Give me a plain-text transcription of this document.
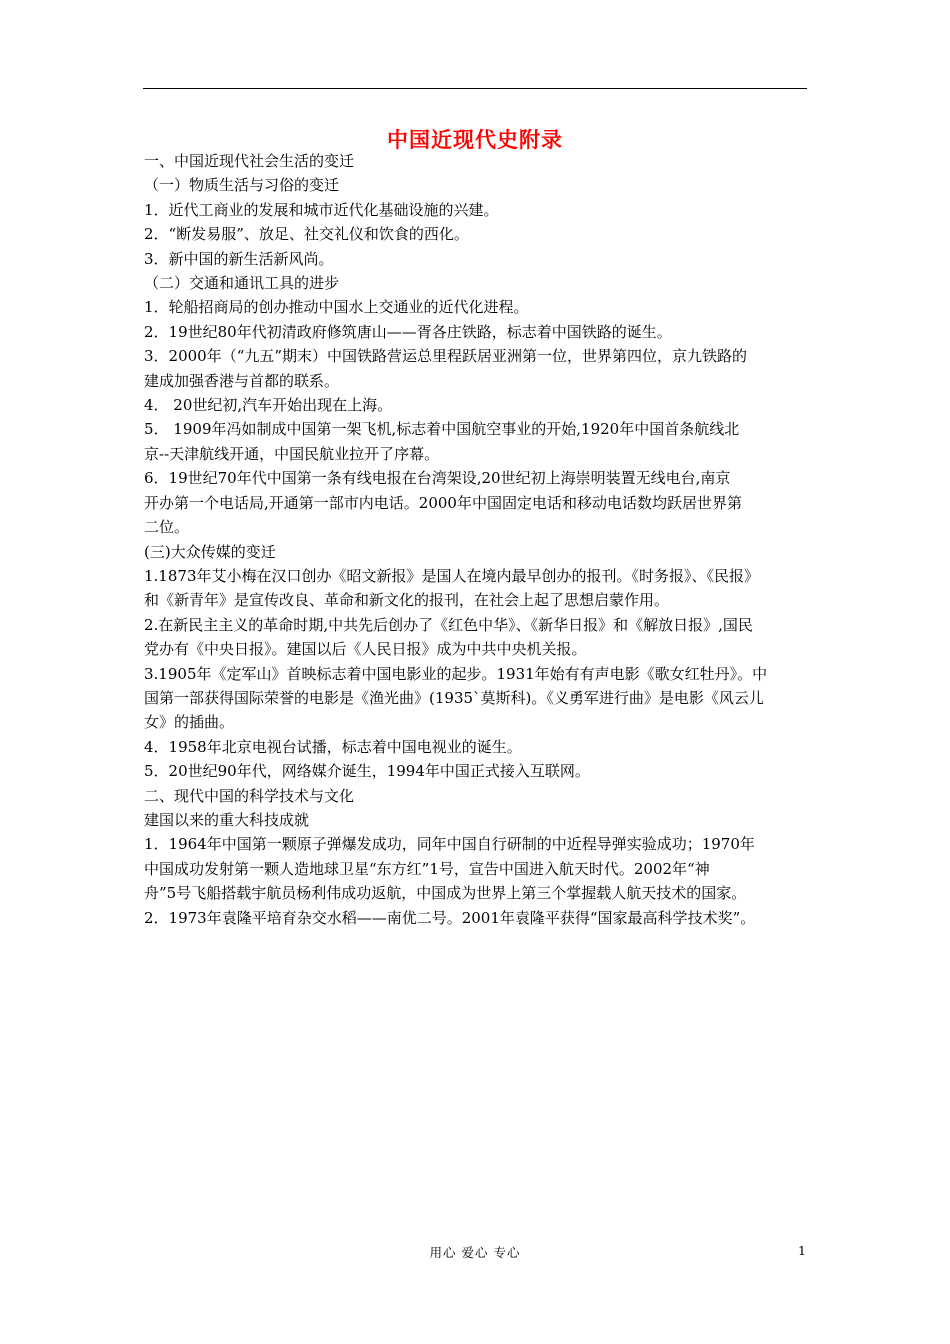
中国近现代史附录
一、中国近现代社会生活的变迁
（一）物质生活与习俗的变迁
1．近代工商业的发展和城市近代化基础设施的兴建。
2．“断发易服”、放足、社交礼仪和饮食的西化。
3．新中国的新生活新风尚。
（二）交通和通讯工具的进步
1．轮船招商局的创办推动中国水上交通业的近代化进程。
2．19世纪80年代初清政府修筑唐山——胥各庄铁路，标志着中国铁路的诞生。
3．2000年（“九五”期末）中国铁路营运总里程跃居亚洲第一位，世界第四位，京九铁路的
建成加强香港与首都的联系。
4． 20世纪初,汽车开始出现在上海。
5． 1909年冯如制成中国第一架飞机,标志着中国航空事业的开始,1920年中国首条航线北
京--天津航线开通，中国民航业拉开了序幕。
6．19世纪70年代中国第一条有线电报在台湾架设,20世纪初上海崇明装置无线电台,南京
开办第一个电话局,开通第一部市内电话。2000年中国固定电话和移动电话数均跃居世界第
二位。
(三)大众传媒的变迁
1.1873年艾小梅在汉口创办《昭文新报》是国人在境内最早创办的报刊。《时务报》、《民报》
和《新青年》是宣传改良、革命和新文化的报刊，在社会上起了思想启蒙作用。
2.在新民主主义的革命时期,中共先后创办了《红色中华》、《新华日报》和《解放日报》,国民
党办有《中央日报》。建国以后《人民日报》成为中共中央机关报。
3.1905年《定军山》首映标志着中国电影业的起步。1931年始有有声电影《歌女红牡丹》。中
国第一部获得国际荣誉的电影是《渔光曲》(1935`莫斯科)。《义勇军进行曲》是电影《风云儿
女》的插曲。
4．1958年北京电视台试播，标志着中国电视业的诞生。
5．20世纪90年代，网络媒介诞生，1994年中国正式接入互联网。
二、现代中国的科学技术与文化
建国以来的重大科技成就
1．1964年中国第一颗原子弹爆发成功，同年中国自行研制的中近程导弹实验成功；1970年
中国成功发射第一颗人造地球卫星“东方红”1号，宣告中国进入航天时代。2002年“神
舟”5号飞船搭载宇航员杨利伟成功返航，中国成为世界上第三个掌握载人航天技术的国家。
2．1973年袁隆平培育杂交水稻——南优二号。2001年袁隆平获得“国家最高科学技术奖”。
用心 爱心 专心	1
